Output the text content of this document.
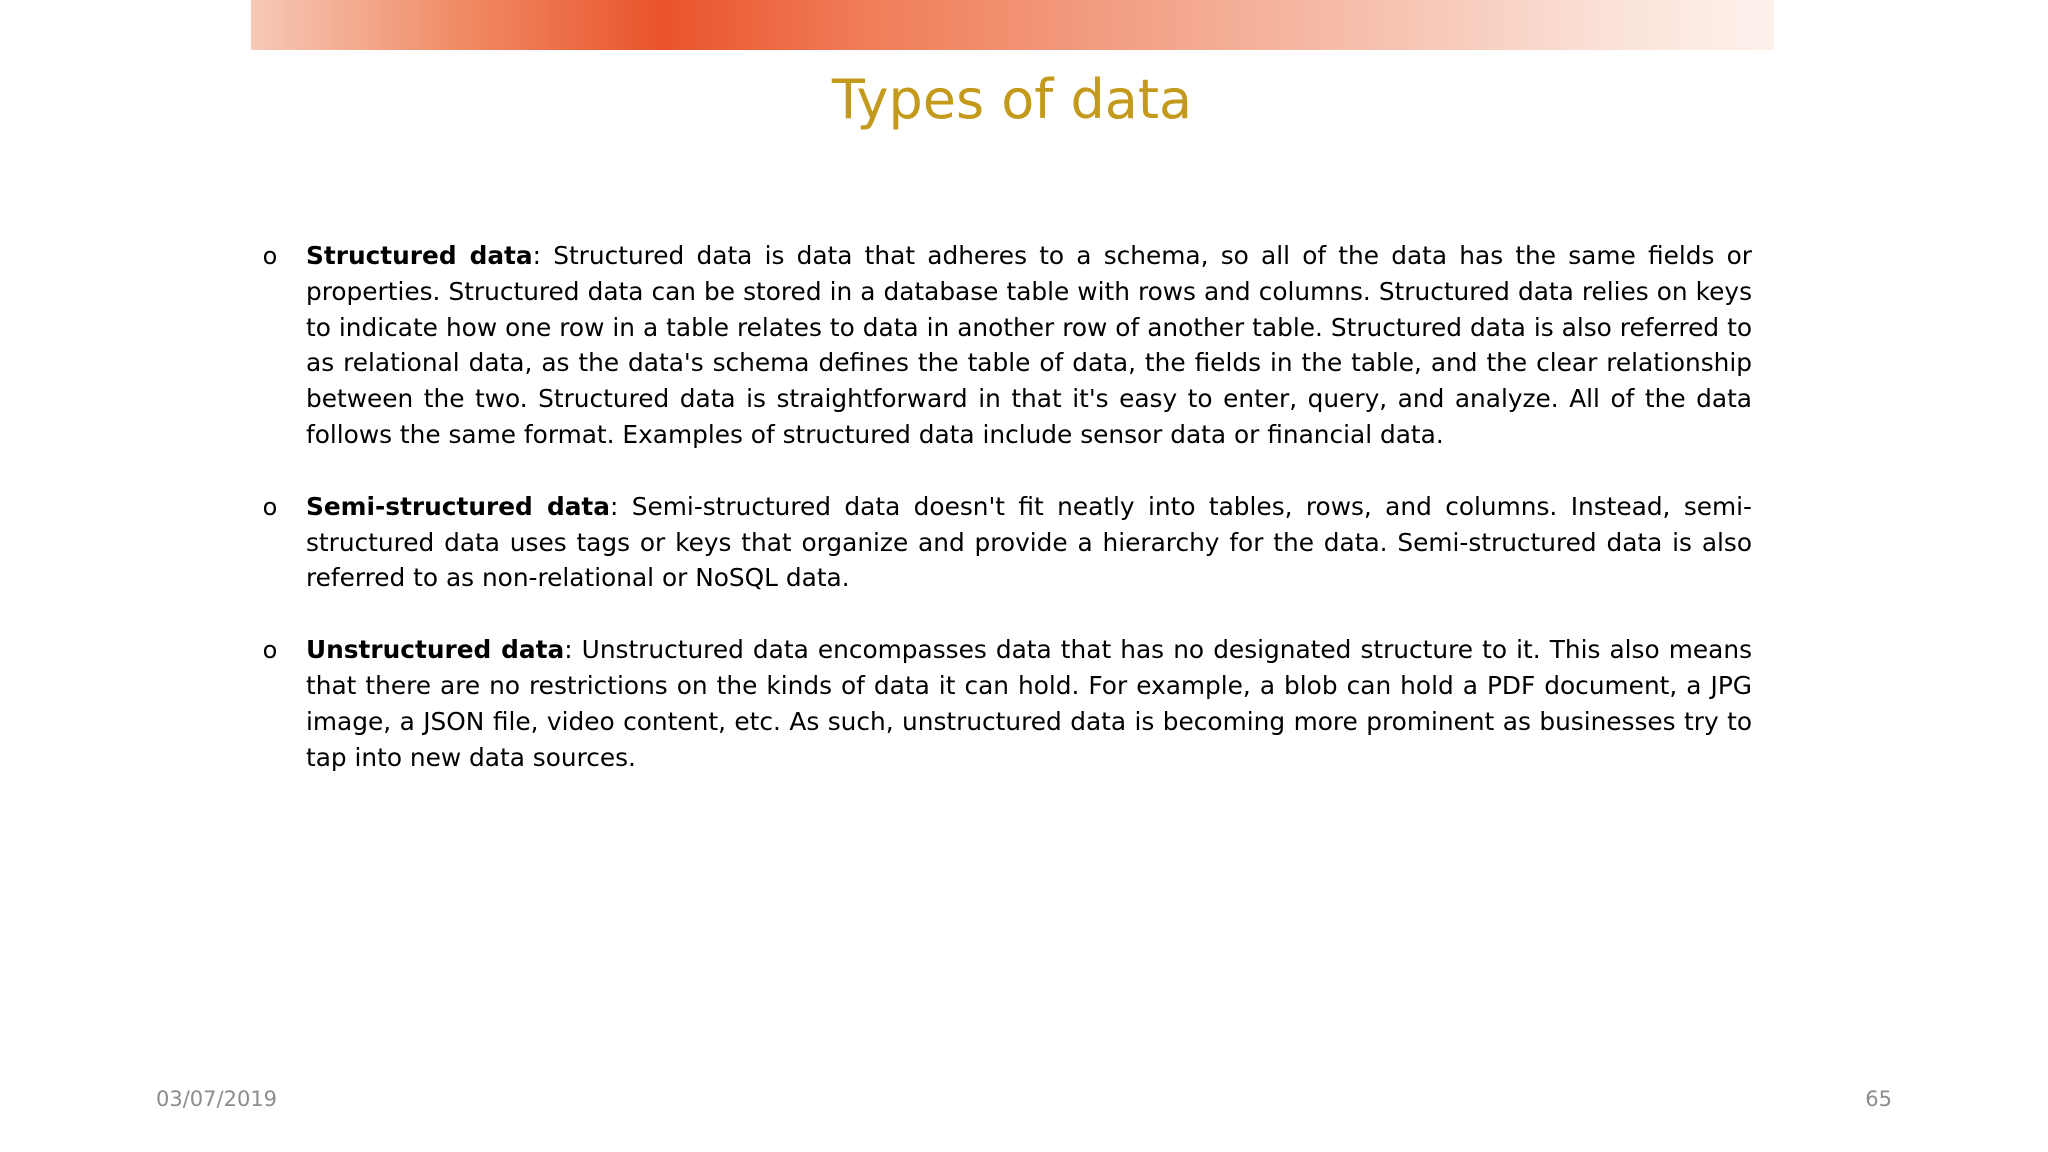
Types of data
o Structured data: Structured data is data that adheres to a schema, so all of the data has the same fields or properties. Structured data can be stored in a database table with rows and columns. Structured data relies on keys to indicate how one row in a table relates to data in another row of another table. Structured data is also referred to as relational data, as the data's schema defines the table of data, the fields in the table, and the clear relationship between the two. Structured data is straightforward in that it's easy to enter, query, and analyze. All of the data follows the same format. Examples of structured data include sensor data or financial data.
o Semi-structured data: Semi-structured data doesn't fit neatly into tables, rows, and columns. Instead, semi-structured data uses tags or keys that organize and provide a hierarchy for the data. Semi-structured data is also referred to as non-relational or NoSQL data.
o Unstructured data: Unstructured data encompasses data that has no designated structure to it. This also means that there are no restrictions on the kinds of data it can hold. For example, a blob can hold a PDF document, a JPG image, a JSON file, video content, etc. As such, unstructured data is becoming more prominent as businesses try to tap into new data sources.
03/07/2019	65
